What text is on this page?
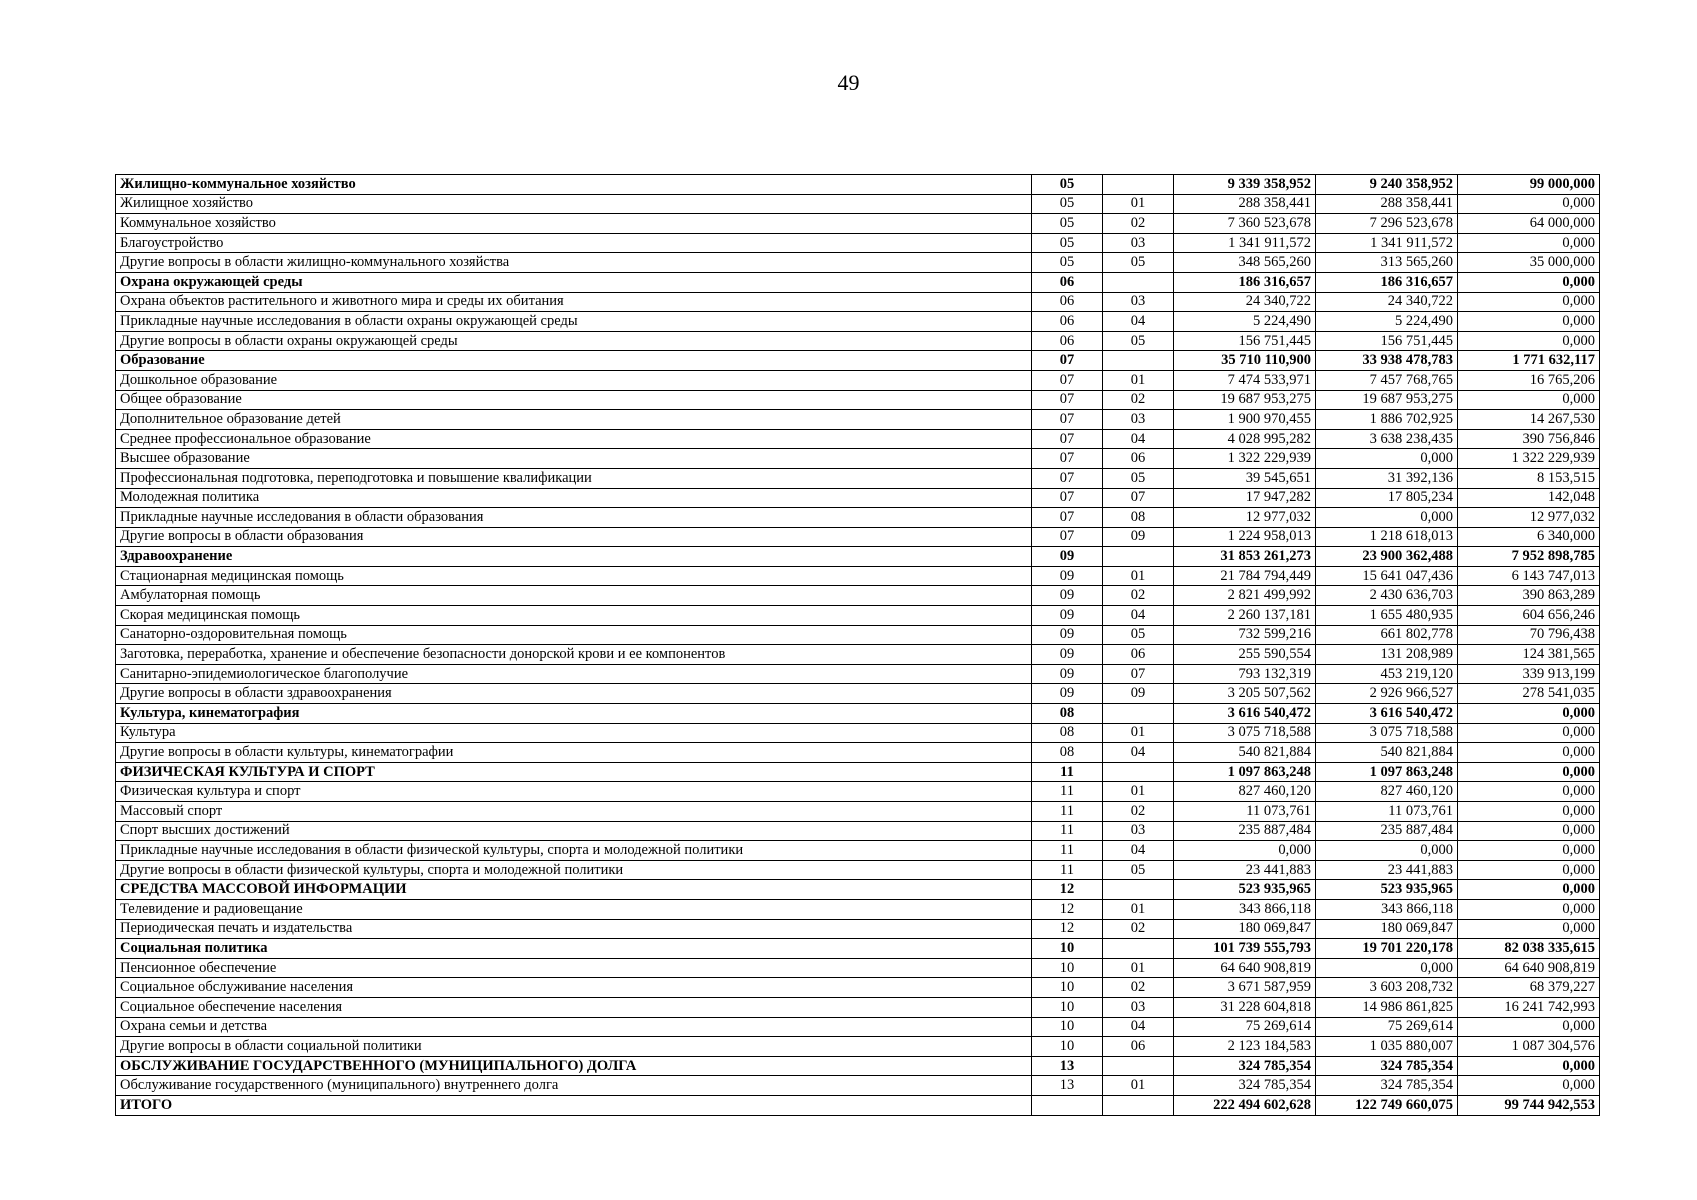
49
Жилищно-коммунальное хозяйство	05		9 339 358,952	9 240 358,952	99 000,000
Жилищное хозяйство	05	01	288 358,441	288 358,441	0,000
Коммунальное хозяйство	05	02	7 360 523,678	7 296 523,678	64 000,000
Благоустройство	05	03	1 341 911,572	1 341 911,572	0,000
Другие вопросы в области жилищно-коммунального хозяйства	05	05	348 565,260	313 565,260	35 000,000
Охрана окружающей среды	06		186 316,657	186 316,657	0,000
Охрана объектов растительного и животного мира и среды их обитания	06	03	24 340,722	24 340,722	0,000
Прикладные научные исследования в области охраны окружающей среды	06	04	5 224,490	5 224,490	0,000
Другие вопросы в области охраны окружающей среды	06	05	156 751,445	156 751,445	0,000
Образование	07		35 710 110,900	33 938 478,783	1 771 632,117
Дошкольное образование	07	01	7 474 533,971	7 457 768,765	16 765,206
Общее образование	07	02	19 687 953,275	19 687 953,275	0,000
Дополнительное образование детей	07	03	1 900 970,455	1 886 702,925	14 267,530
Среднее профессиональное образование	07	04	4 028 995,282	3 638 238,435	390 756,846
Высшее образование	07	06	1 322 229,939	0,000	1 322 229,939
Профессиональная подготовка, переподготовка и повышение квалификации	07	05	39 545,651	31 392,136	8 153,515
Молодежная политика	07	07	17 947,282	17 805,234	142,048
Прикладные научные исследования в области образования	07	08	12 977,032	0,000	12 977,032
Другие вопросы в области образования	07	09	1 224 958,013	1 218 618,013	6 340,000
Здравоохранение	09		31 853 261,273	23 900 362,488	7 952 898,785
Стационарная медицинская помощь	09	01	21 784 794,449	15 641 047,436	6 143 747,013
Амбулаторная помощь	09	02	2 821 499,992	2 430 636,703	390 863,289
Скорая медицинская помощь	09	04	2 260 137,181	1 655 480,935	604 656,246
Санаторно-оздоровительная помощь	09	05	732 599,216	661 802,778	70 796,438
Заготовка, переработка, хранение и обеспечение безопасности донорской крови и ее компонентов	09	06	255 590,554	131 208,989	124 381,565
Санитарно-эпидемиологическое благополучие	09	07	793 132,319	453 219,120	339 913,199
Другие вопросы в области здравоохранения	09	09	3 205 507,562	2 926 966,527	278 541,035
Культура, кинематография	08		3 616 540,472	3 616 540,472	0,000
Культура	08	01	3 075 718,588	3 075 718,588	0,000
Другие вопросы в области культуры, кинематографии	08	04	540 821,884	540 821,884	0,000
ФИЗИЧЕСКАЯ КУЛЬТУРА И СПОРТ	11		1 097 863,248	1 097 863,248	0,000
Физическая культура и спорт	11	01	827 460,120	827 460,120	0,000
Массовый спорт	11	02	11 073,761	11 073,761	0,000
Спорт высших достижений	11	03	235 887,484	235 887,484	0,000
Прикладные научные исследования в области физической культуры, спорта и молодежной политики	11	04	0,000	0,000	0,000
Другие вопросы в области физической культуры, спорта и молодежной политики	11	05	23 441,883	23 441,883	0,000
СРЕДСТВА МАССОВОЙ ИНФОРМАЦИИ	12		523 935,965	523 935,965	0,000
Телевидение и радиовещание	12	01	343 866,118	343 866,118	0,000
Периодическая печать и издательства	12	02	180 069,847	180 069,847	0,000
Социальная политика	10		101 739 555,793	19 701 220,178	82 038 335,615
Пенсионное обеспечение	10	01	64 640 908,819	0,000	64 640 908,819
Социальное обслуживание населения	10	02	3 671 587,959	3 603 208,732	68 379,227
Социальное обеспечение населения	10	03	31 228 604,818	14 986 861,825	16 241 742,993
Охрана семьи и детства	10	04	75 269,614	75 269,614	0,000
Другие вопросы в области социальной политики	10	06	2 123 184,583	1 035 880,007	1 087 304,576
ОБСЛУЖИВАНИЕ ГОСУДАРСТВЕННОГО (МУНИЦИПАЛЬНОГО) ДОЛГА	13		324 785,354	324 785,354	0,000
Обслуживание государственного (муниципального) внутреннего долга	13	01	324 785,354	324 785,354	0,000
ИТОГО			222 494 602,628	122 749 660,075	99 744 942,553
